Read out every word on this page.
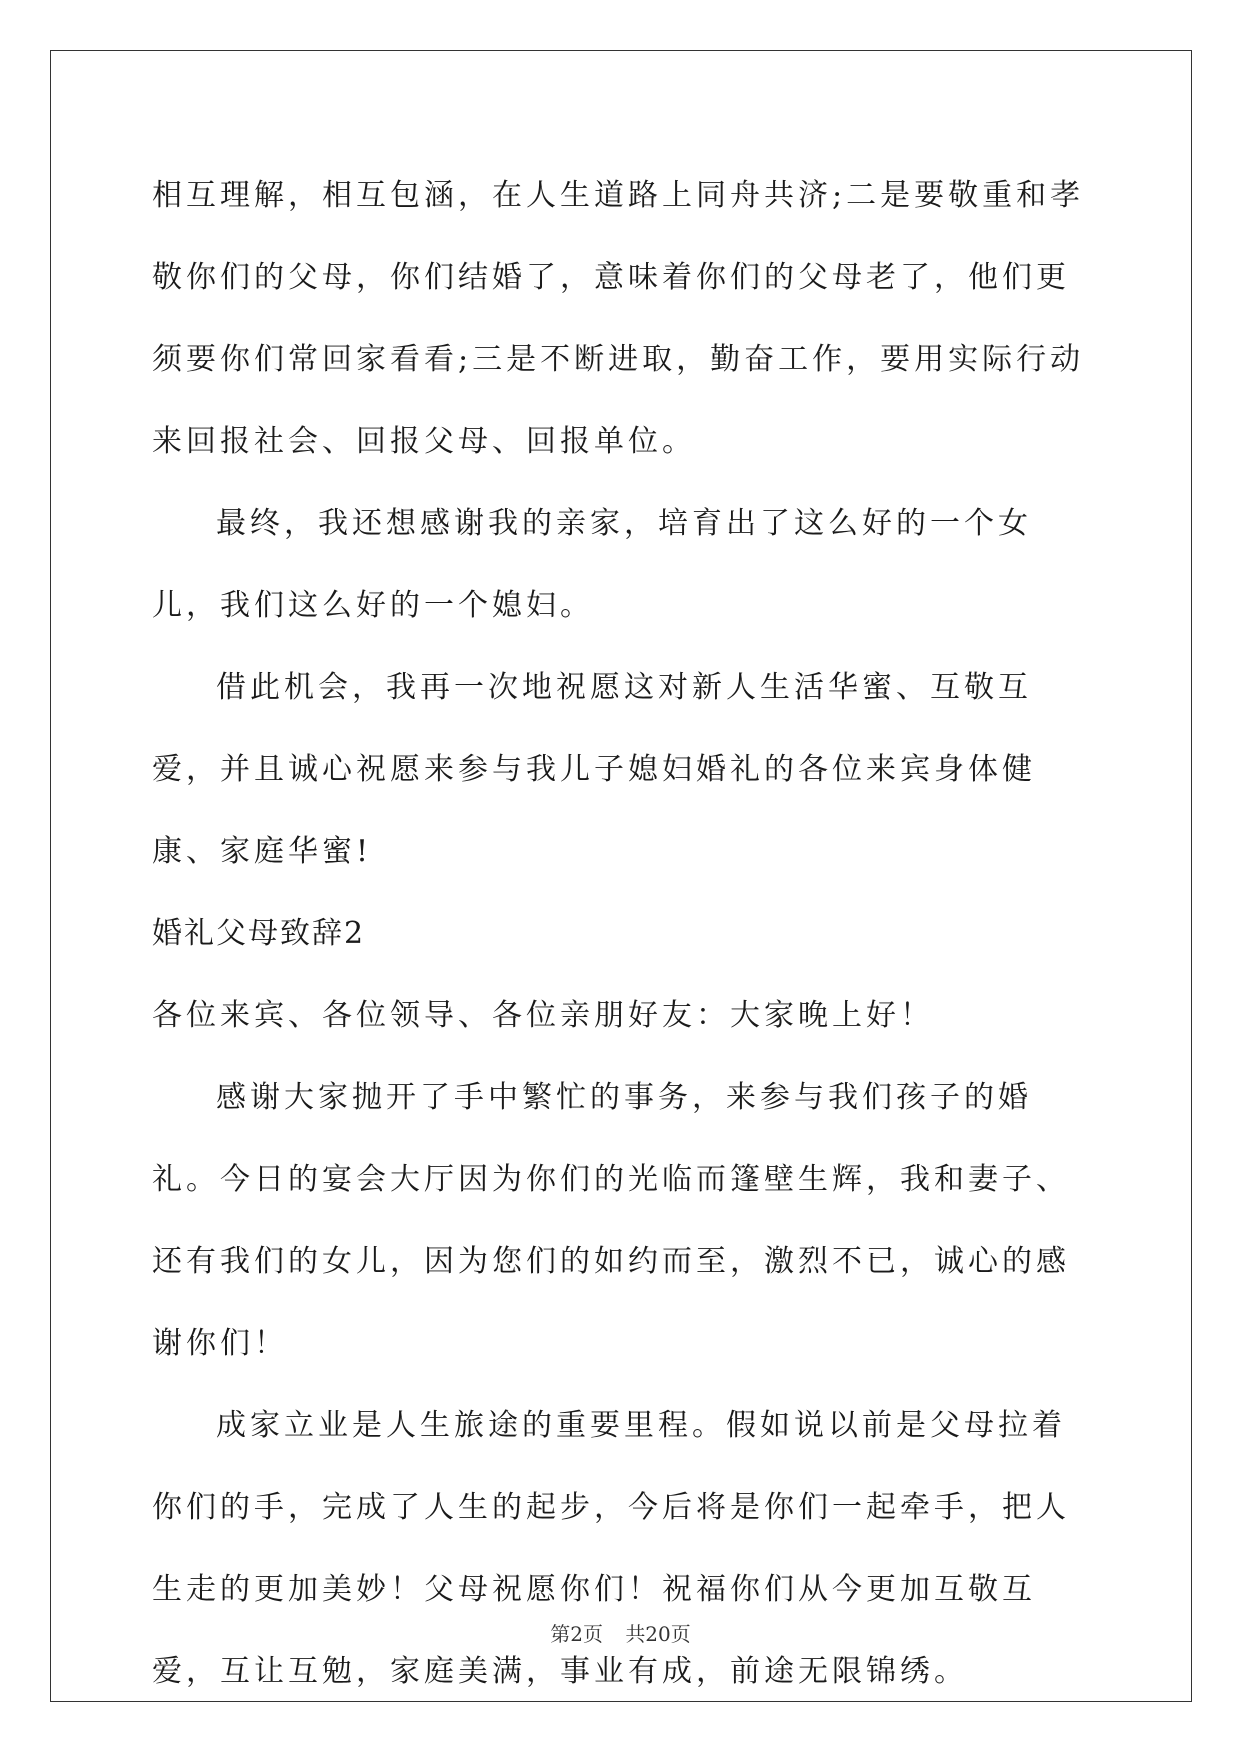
相互理解，相互包涵，在人生道路上同舟共济;二是要敬重和孝敬你们的父母，你们结婚了，意味着你们的父母老了，他们更须要你们常回家看看;三是不断进取，勤奋工作，要用实际行动来回报社会、回报父母、回报单位。

最终，我还想感谢我的亲家，培育出了这么好的一个女儿，我们这么好的一个媳妇。

借此机会，我再一次地祝愿这对新人生活华蜜、互敬互爱，并且诚心祝愿来参与我儿子媳妇婚礼的各位来宾身体健康、家庭华蜜!

婚礼父母致辞2

各位来宾、各位领导、各位亲朋好友：大家晚上好！

感谢大家抛开了手中繁忙的事务，来参与我们孩子的婚礼。今日的宴会大厅因为你们的光临而篷壁生辉，我和妻子、还有我们的女儿，因为您们的如约而至，激烈不已，诚心的感谢你们！

成家立业是人生旅途的重要里程。假如说以前是父母拉着你们的手，完成了人生的起步，今后将是你们一起牵手，把人生走的更加美妙！父母祝愿你们！祝福你们从今更加互敬互爱，互让互勉，家庭美满，事业有成，前途无限锦绣。

第2页 共20页
